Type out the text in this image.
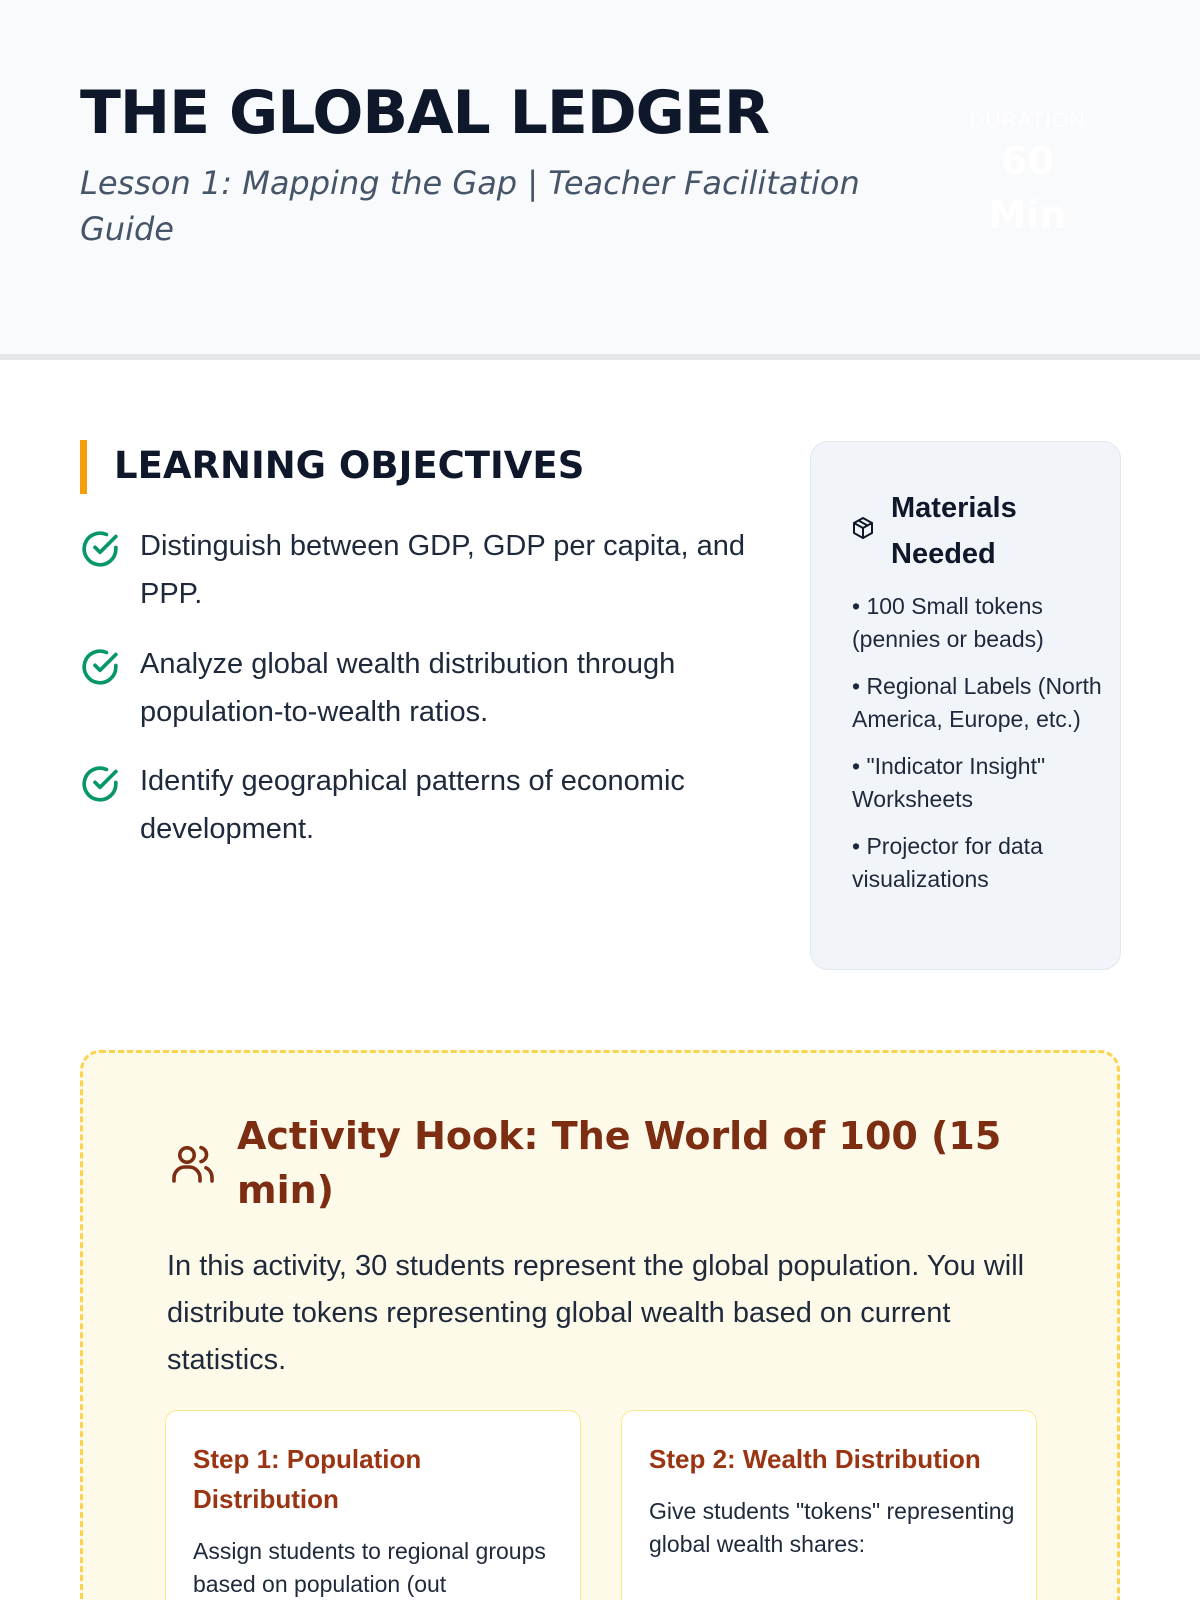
THE GLOBAL LEDGER
Lesson 1: Mapping the Gap | Teacher Facilitation Guide
DURATION
60
Min
LEARNING OBJECTIVES
Distinguish between GDP, GDP per capita, and PPP.
Analyze global wealth distribution through population-to-wealth ratios.
Identify geographical patterns of economic development.
Materials Needed
• 100 Small tokens (pennies or beads)
• Regional Labels (North America, Europe, etc.)
• "Indicator Insight" Worksheets
• Projector for data visualizations
Activity Hook: The World of 100 (15 min)
In this activity, 30 students represent the global population. You will distribute tokens representing global wealth based on current statistics.
Step 1: Population Distribution
Assign students to regional groups based on population (out
Step 2: Wealth Distribution
Give students "tokens" representing global wealth shares:
